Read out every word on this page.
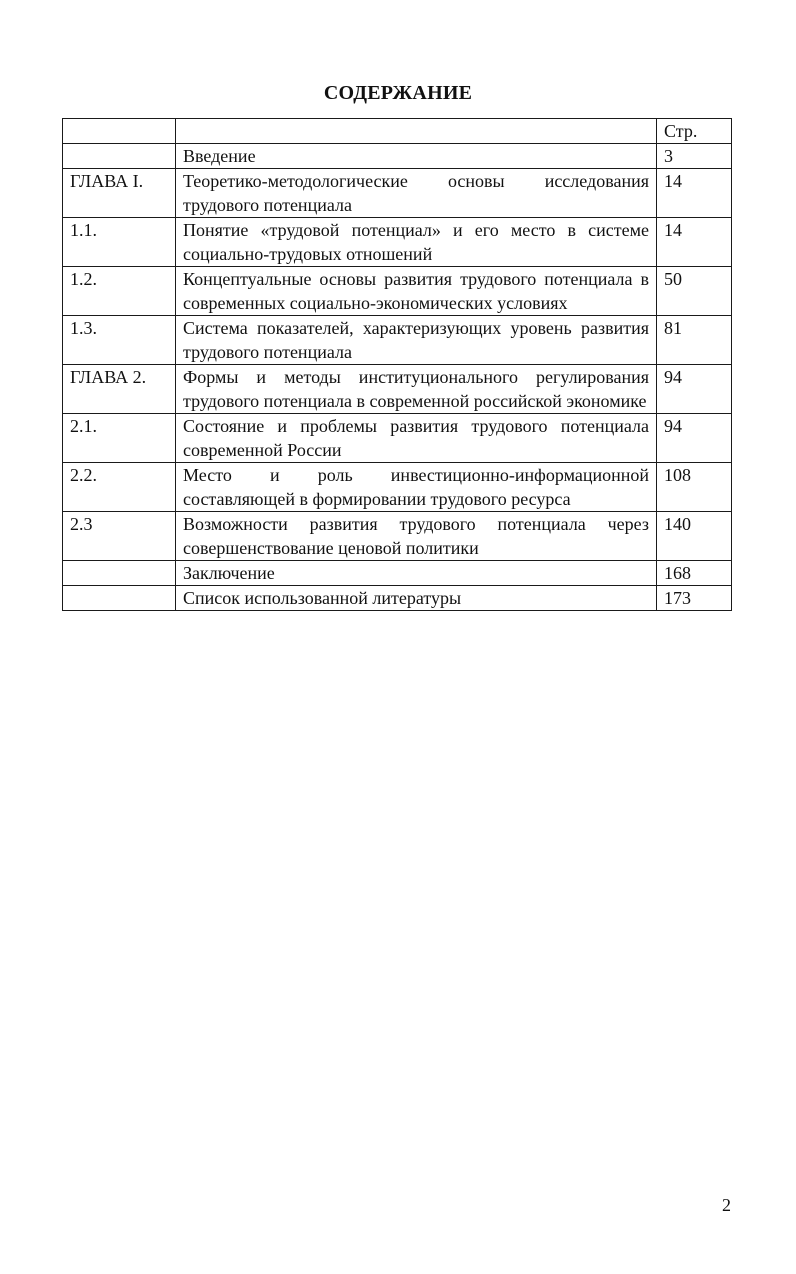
СОДЕРЖАНИЕ
		Стр.
	Введение	3
ГЛАВА I.	Теоретико-методологические основы исследования трудового потенциала	14
1.1.	Понятие «трудовой потенциал» и его место в системе социально-трудовых отношений	14
1.2.	Концептуальные основы развития трудового потенциала в современных социально-экономических условиях	50
1.3.	Система показателей, характеризующих уровень развития трудового потенциала	81
ГЛАВА 2.	Формы и методы институционального регулирования трудового потенциала в современной российской экономике	94
2.1.	Состояние и проблемы развития трудового потенциала современной России	94
2.2.	Место и роль инвестиционно-информационной составляющей в формировании трудового ресурса	108
2.3	Возможности развития трудового потенциала через совершенствование ценовой политики	140
	Заключение	168
	Список использованной литературы	173
2
